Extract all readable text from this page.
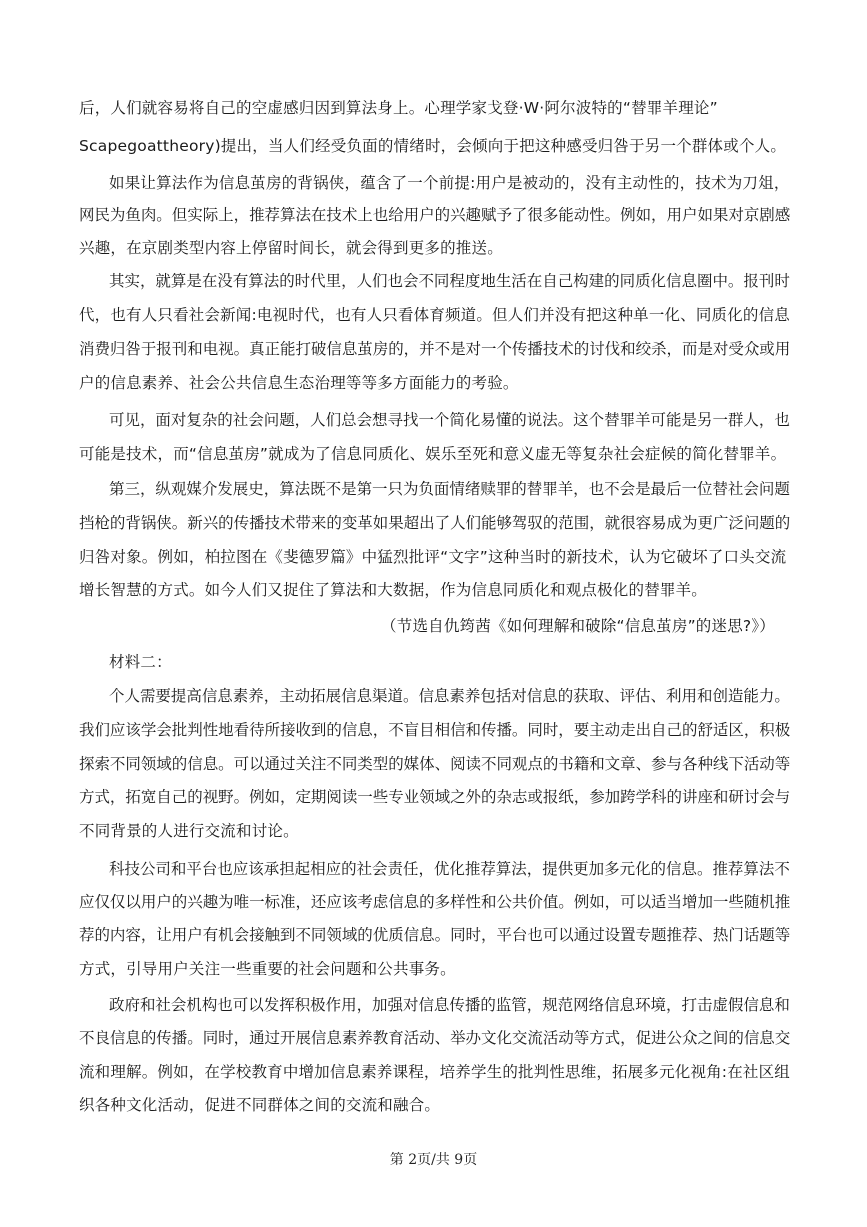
后，人们就容易将自己的空虚感归因到算法身上。心理学家戈登·W·阿尔波特的“替罪羊理论”

Scapegoattheory)提出，当人们经受负面的情绪时，会倾向于把这种感受归咎于另一个群体或个人。

如果让算法作为信息茧房的背锅侠，蕴含了一个前提:用户是被动的，没有主动性的，技术为刀俎，

网民为鱼肉。但实际上，推荐算法在技术上也给用户的兴趣赋予了很多能动性。例如，用户如果对京剧感

兴趣，在京剧类型内容上停留时间长，就会得到更多的推送。

其实，就算是在没有算法的时代里，人们也会不同程度地生活在自己构建的同质化信息圈中。报刊时

代，也有人只看社会新闻:电视时代，也有人只看体育频道。但人们并没有把这种单一化、同质化的信息

消费归咎于报刊和电视。真正能打破信息茧房的，并不是对一个传播技术的讨伐和绞杀，而是对受众或用

户的信息素养、社会公共信息生态治理等等多方面能力的考验。

可见，面对复杂的社会问题，人们总会想寻找一个简化易懂的说法。这个替罪羊可能是另一群人，也

可能是技术，而“信息茧房”就成为了信息同质化、娱乐至死和意义虚无等复杂社会症候的简化替罪羊。

第三，纵观媒介发展史，算法既不是第一只为负面情绪赎罪的替罪羊，也不会是最后一位替社会问题

挡枪的背锅侠。新兴的传播技术带来的变革如果超出了人们能够驾驭的范围，就很容易成为更广泛问题的

归咎对象。例如，柏拉图在《斐德罗篇》中猛烈批评“文字”这种当时的新技术，认为它破坏了口头交流

增长智慧的方式。如今人们又捉住了算法和大数据，作为信息同质化和观点极化的替罪羊。

（节选自仇筠茜《如何理解和破除“信息茧房”的迷思?》）

材料二：

个人需要提高信息素养，主动拓展信息渠道。信息素养包括对信息的获取、评估、利用和创造能力。

我们应该学会批判性地看待所接收到的信息，不盲目相信和传播。同时，要主动走出自己的舒适区，积极

探索不同领域的信息。可以通过关注不同类型的媒体、阅读不同观点的书籍和文章、参与各种线下活动等

方式，拓宽自己的视野。例如，定期阅读一些专业领域之外的杂志或报纸，参加跨学科的讲座和研讨会与

不同背景的人进行交流和讨论。

科技公司和平台也应该承担起相应的社会责任，优化推荐算法，提供更加多元化的信息。推荐算法不

应仅仅以用户的兴趣为唯一标准，还应该考虑信息的多样性和公共价值。例如，可以适当增加一些随机推

荐的内容，让用户有机会接触到不同领域的优质信息。同时，平台也可以通过设置专题推荐、热门话题等

方式，引导用户关注一些重要的社会问题和公共事务。

政府和社会机构也可以发挥积极作用，加强对信息传播的监管，规范网络信息环境，打击虚假信息和

不良信息的传播。同时，通过开展信息素养教育活动、举办文化交流活动等方式，促进公众之间的信息交

流和理解。例如，在学校教育中增加信息素养课程，培养学生的批判性思维，拓展多元化视角:在社区组

织各种文化活动，促进不同群体之间的交流和融合。

第 2页/共 9页
